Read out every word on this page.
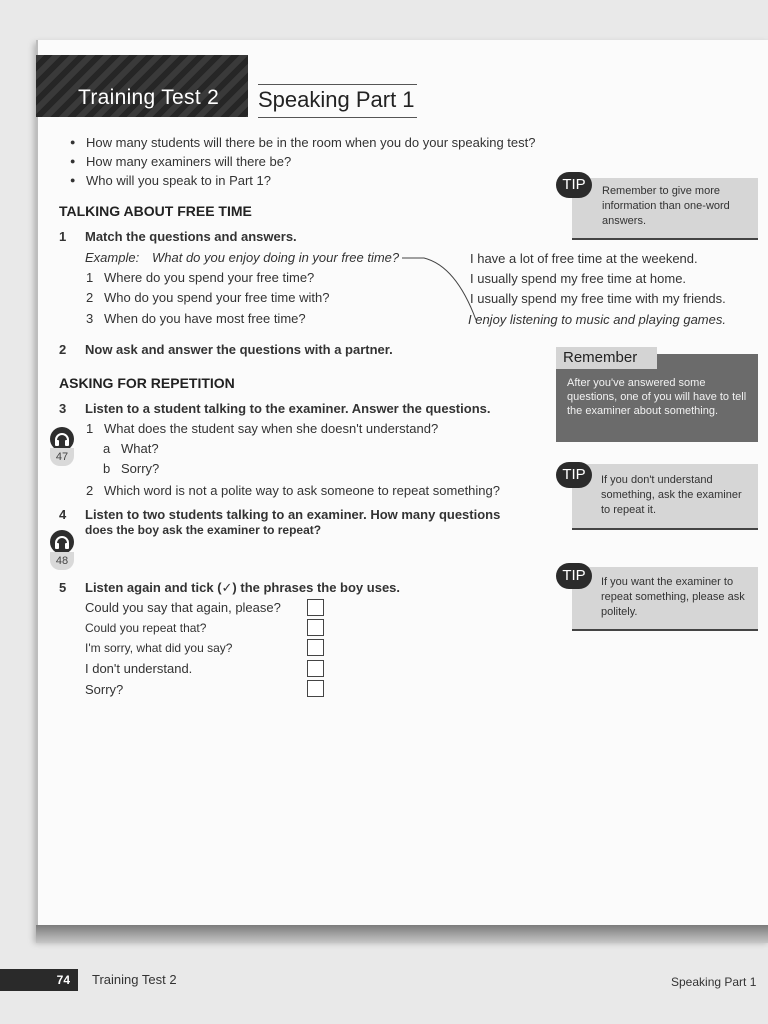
Training Test 2 Speaking Part 1
● How many students will there be in the room when you do your speaking test?
● How many examiners will there be?
● Who will you speak to in Part 1?
TALKING ABOUT FREE TIME
1 Match the questions and answers.
Example: What do you enjoy doing in your free time?
1 Where do you spend your free time?
2 Who do you spend your free time with?
3 When do you have most free time?
I have a lot of free time at the weekend.
I usually spend my free time at home.
I usually spend my free time with my friends.
I enjoy listening to music and playing games.
2 Now ask and answer the questions with a partner.
ASKING FOR REPETITION
3 Listen to a student talking to the examiner. Answer the questions.
47
1 What does the student say when she doesn't understand?
a What?
b Sorry?
2 Which word is not a polite way to ask someone to repeat something?
4 Listen to two students talking to an examiner. How many questions
does the boy ask the examiner to repeat?
48
5 Listen again and tick (✓) the phrases the boy uses.
Could you say that again, please?
Could you repeat that?
I'm sorry, what did you say?
I don't understand.
Sorry?
Remember to give more information than one-word answers.
TIP
Remember
After you've answered some questions, one of you will have to tell the examiner about something.
If you don't understand something, ask the examiner to repeat it.
TIP
If you want the examiner to repeat something, please ask politely.
TIP
74	Training Test 2	Speaking Part 1
